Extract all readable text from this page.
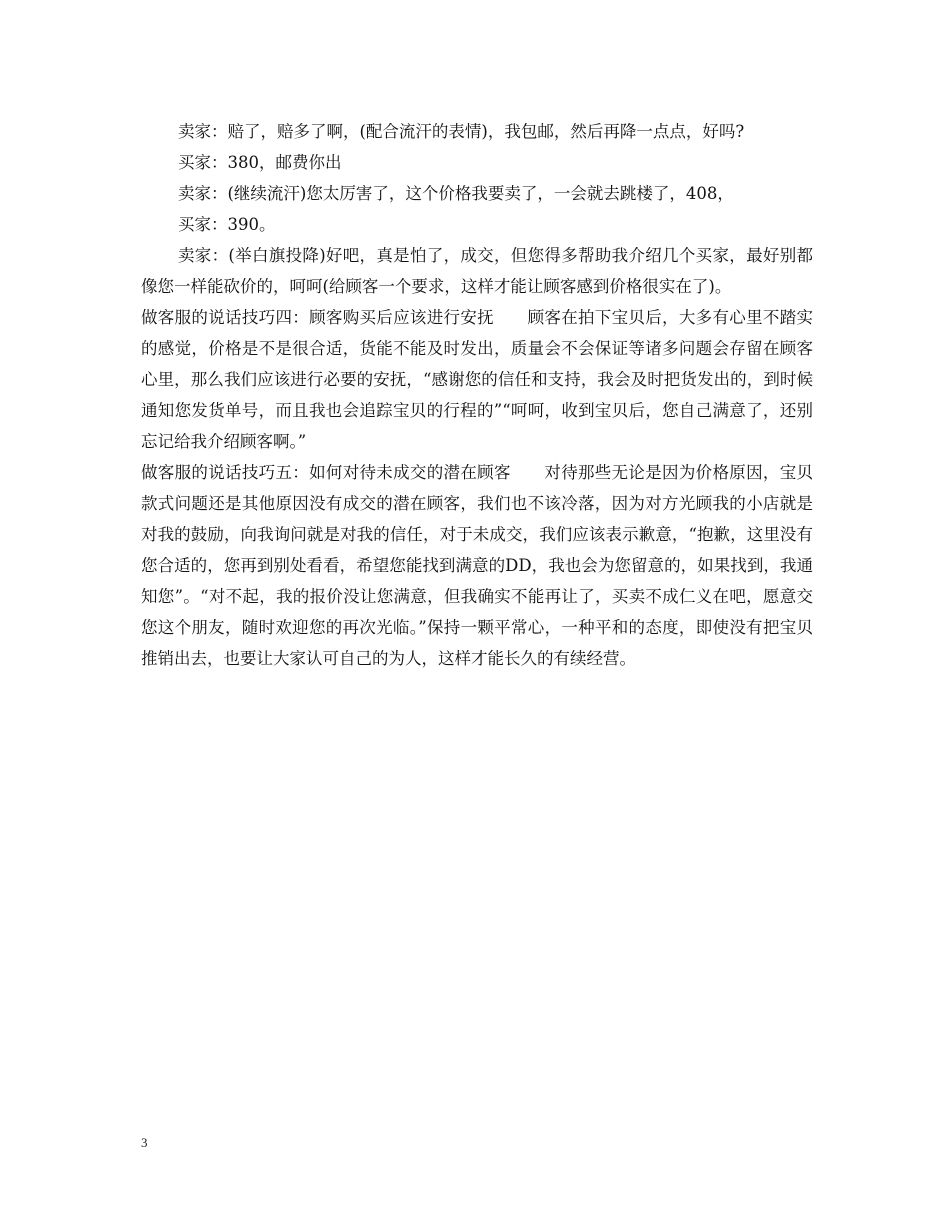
卖家：赔了，赔多了啊，(配合流汗的表情)，我包邮，然后再降一点点，好吗?

买家：380，邮费你出

卖家：(继续流汗)您太厉害了，这个价格我要卖了，一会就去跳楼了，408，

买家：390。

卖家：(举白旗投降)好吧，真是怕了，成交，但您得多帮助我介绍几个买家，最好别都像您一样能砍价的，呵呵(给顾客一个要求，这样才能让顾客感到价格很实在了)。

做客服的说话技巧四：顾客购买后应该进行安抚　　顾客在拍下宝贝后，大多有心里不踏实的感觉，价格是不是很合适，货能不能及时发出，质量会不会保证等诸多问题会存留在顾客心里，那么我们应该进行必要的安抚，“感谢您的信任和支持，我会及时把货发出的，到时候通知您发货单号，而且我也会追踪宝贝的行程的”“呵呵，收到宝贝后，您自己满意了，还别忘记给我介绍顾客啊。”

做客服的说话技巧五：如何对待未成交的潜在顾客　　对待那些无论是因为价格原因，宝贝款式问题还是其他原因没有成交的潜在顾客，我们也不该冷落，因为对方光顾我的小店就是对我的鼓励，向我询问就是对我的信任，对于未成交，我们应该表示歉意，“抱歉，这里没有您合适的，您再到别处看看，希望您能找到满意的DD，我也会为您留意的，如果找到，我通知您”。“对不起，我的报价没让您满意，但我确实不能再让了，买卖不成仁义在吧，愿意交您这个朋友，随时欢迎您的再次光临。”保持一颗平常心，一种平和的态度，即使没有把宝贝推销出去，也要让大家认可自己的为人，这样才能长久的有续经营。

3
